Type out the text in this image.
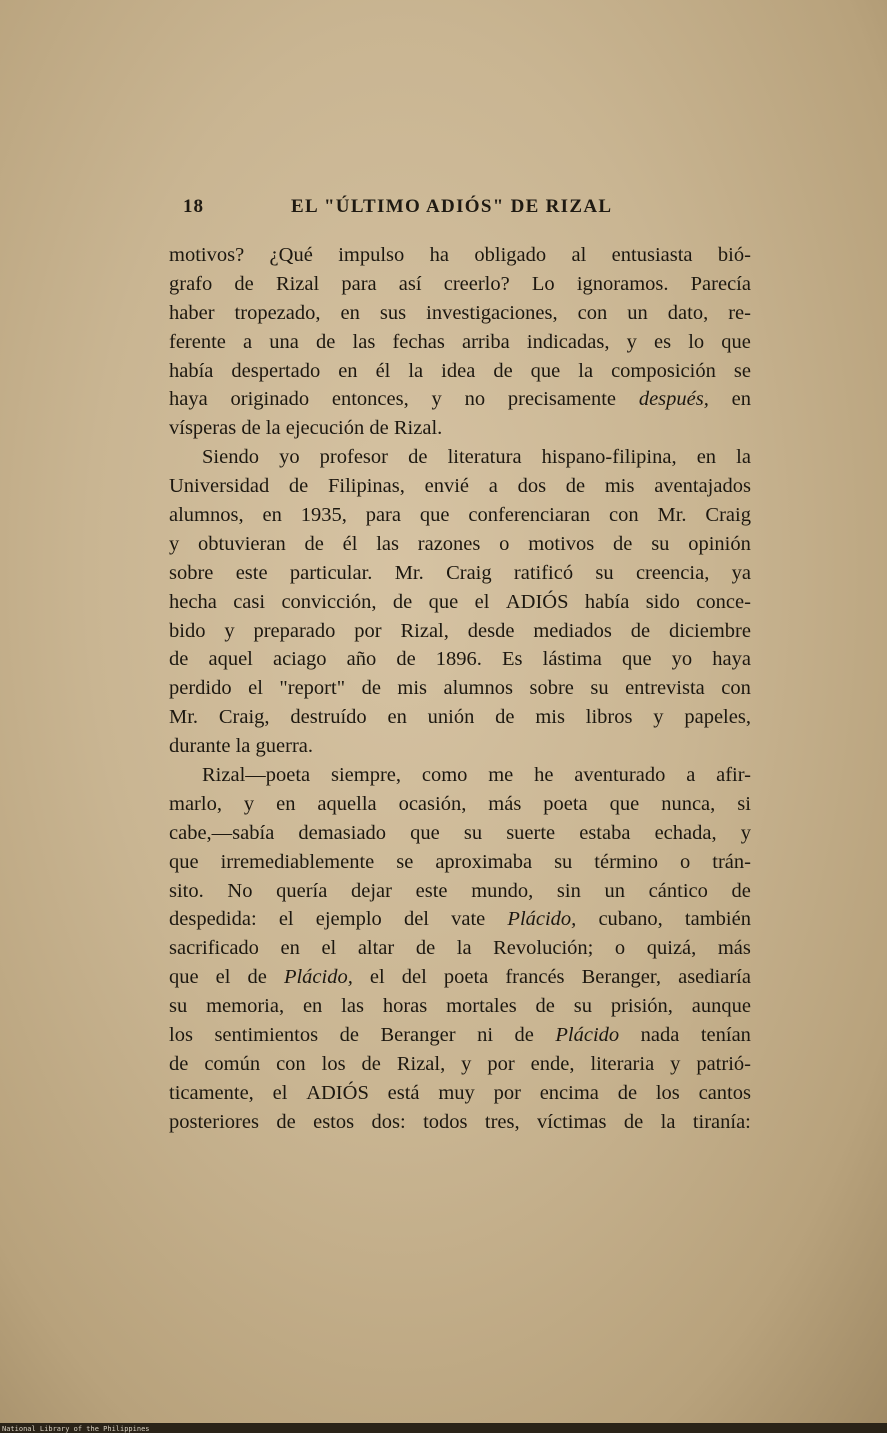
18	EL "ÚLTIMO ADIÓS" DE RIZAL
motivos? ¿Qué impulso ha obligado al entusiasta bió-
grafo de Rizal para así creerlo? Lo ignoramos. Parecía
haber tropezado, en sus investigaciones, con un dato, re-
ferente a una de las fechas arriba indicadas, y es lo que
había despertado en él la idea de que la composición se
haya originado entonces, y no precisamente después, en
vísperas de la ejecución de Rizal.
Siendo yo profesor de literatura hispano-filipina, en la
Universidad de Filipinas, envié a dos de mis aventajados
alumnos, en 1935, para que conferenciaran con Mr. Craig
y obtuvieran de él las razones o motivos de su opinión
sobre este particular. Mr. Craig ratificó su creencia, ya
hecha casi convicción, de que el ADIÓS había sido conce-
bido y preparado por Rizal, desde mediados de diciembre
de aquel aciago año de 1896. Es lástima que yo haya
perdido el "report" de mis alumnos sobre su entrevista con
Mr. Craig, destruído en unión de mis libros y papeles,
durante la guerra.
Rizal—poeta siempre, como me he aventurado a afir-
marlo, y en aquella ocasión, más poeta que nunca, si
cabe,—sabía demasiado que su suerte estaba echada, y
que irremediablemente se aproximaba su término o trán-
sito. No quería dejar este mundo, sin un cántico de
despedida: el ejemplo del vate Plácido, cubano, también
sacrificado en el altar de la Revolución; o quizá, más
que el de Plácido, el del poeta francés Beranger, asediaría
su memoria, en las horas mortales de su prisión, aunque
los sentimientos de Beranger ni de Plácido nada tenían
de común con los de Rizal, y por ende, literaria y patrió-
ticamente, el ADIÓS está muy por encima de los cantos
posteriores de estos dos: todos tres, víctimas de la tiranía:
National Library of the Philippines
